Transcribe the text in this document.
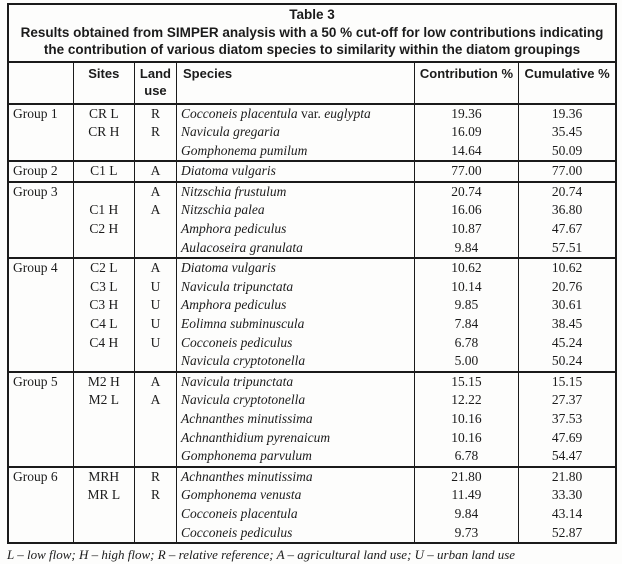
Table 3
Results obtained from SIMPER analysis with a 50 % cut-off for low contributions indicating the contribution of various diatom species to similarity within the diatom groupings
	Sites	Land use	Species	Contribution %	Cumulative %
Group 1	CR L	R	Cocconeis placentula var. euglypta	19.36	19.36
	CR H	R	Navicula gregaria	16.09	35.45
			Gomphonema pumilum	14.64	50.09
Group 2	C1 L	A	Diatoma vulgaris	77.00	77.00
Group 3		A	Nitzschia frustulum	20.74	20.74
	C1 H	A	Nitzschia palea	16.06	36.80
	C2 H		Amphora pediculus	10.87	47.67
			Aulacoseira granulata	9.84	57.51
Group 4	C2 L	A	Diatoma vulgaris	10.62	10.62
	C3 L	U	Navicula tripunctata	10.14	20.76
	C3 H	U	Amphora pediculus	9.85	30.61
	C4 L	U	Eolimna subminuscula	7.84	38.45
	C4 H	U	Cocconeis pediculus	6.78	45.24
			Navicula cryptotonella	5.00	50.24
Group 5	M2 H	A	Navicula tripunctata	15.15	15.15
	M2 L	A	Navicula cryptotonella	12.22	27.37
			Achnanthes minutissima	10.16	37.53
			Achnanthidium pyrenaicum	10.16	47.69
			Gomphonema parvulum	6.78	54.47
Group 6	MRH	R	Achnanthes minutissima	21.80	21.80
	MR L	R	Gomphonema venusta	11.49	33.30
			Cocconeis placentula	9.84	43.14
			Cocconeis pediculus	9.73	52.87
L – low flow; H – high flow; R – relative reference; A – agricultural land use; U – urban land use
